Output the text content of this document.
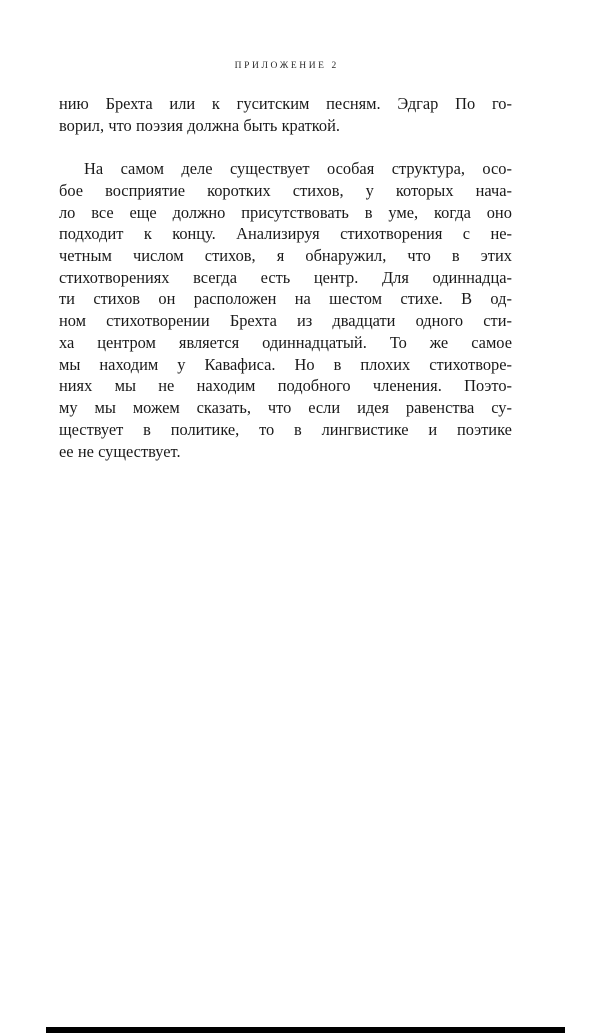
ПРИЛОЖЕНИЕ 2
нию Брехта или к гуситским песням. Эдгар По го-
ворил, что поэзия должна быть краткой.
На самом деле существует особая структура, осо-
бое восприятие коротких стихов, у которых нача-
ло все еще должно присутствовать в уме, когда оно
подходит к концу. Анализируя стихотворения с не-
четным числом стихов, я обнаружил, что в этих
стихотворениях всегда есть центр. Для одиннадца-
ти стихов он расположен на шестом стихе. В од-
ном стихотворении Брехта из двадцати одного сти-
ха центром является одиннадцатый. То же самое
мы находим у Кавафиса. Но в плохих стихотворе-
ниях мы не находим подобного членения. Поэто-
му мы можем сказать, что если идея равенства су-
ществует в политике, то в лингвистике и поэтике
ее не существует.
